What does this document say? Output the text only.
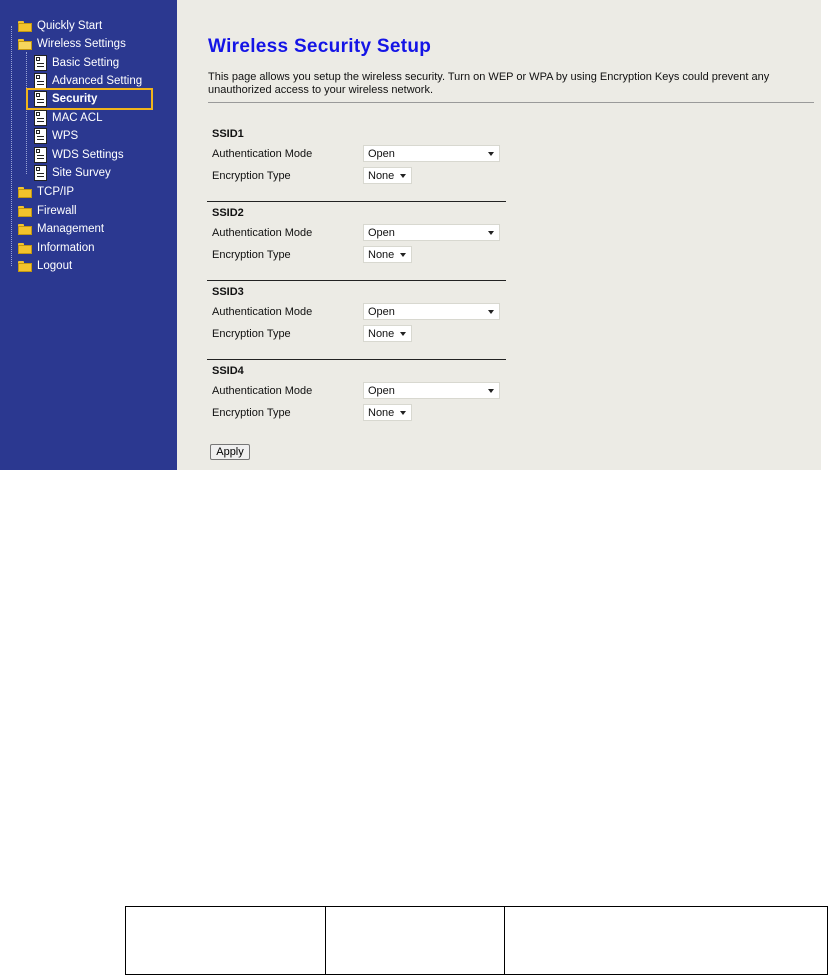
Quickly Start
Wireless Settings
Basic Setting
Advanced Setting
Security
MAC ACL
WPS
WDS Settings
Site Survey
TCP/IP
Firewall
Management
Information
Logout
Wireless Security Setup
This page allows you setup the wireless security. Turn on WEP or WPA by using Encryption Keys could prevent any unauthorized access to your wireless network.
SSID1
Authentication Mode	Open
Encryption Type	None
SSID2
Authentication Mode	Open
Encryption Type	None
SSID3
Authentication Mode	Open
Encryption Type	None
SSID4
Authentication Mode	Open
Encryption Type	None
Apply
